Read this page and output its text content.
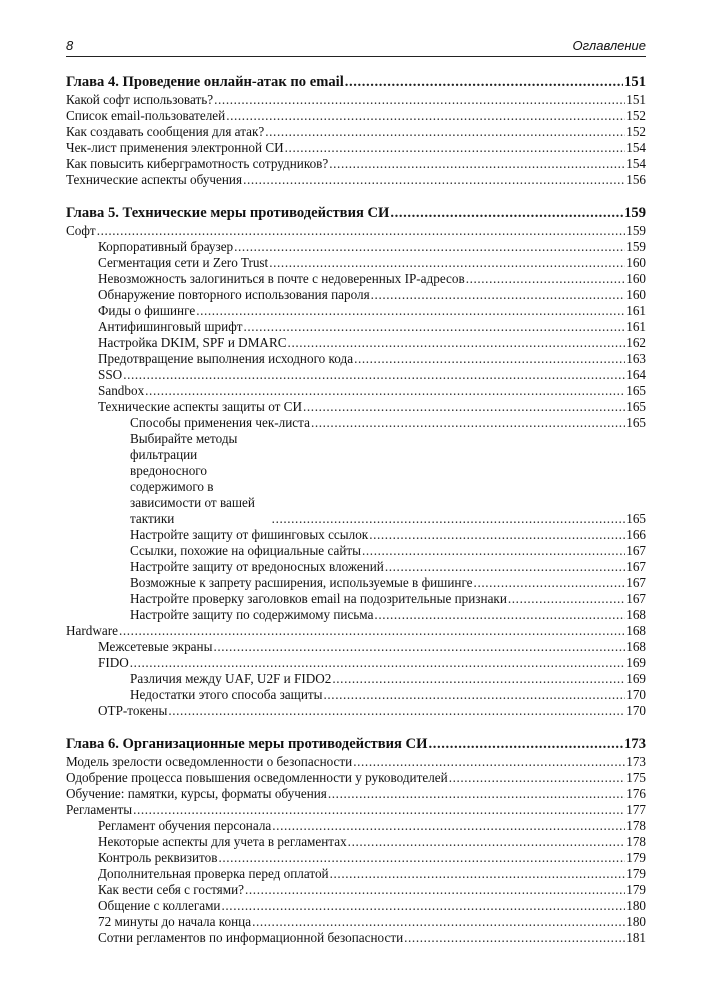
8	Оглавление
Глава 4. Проведение онлайн-атак по email .....	151
Какой софт использовать? .....	151
Список email-пользователей .....	152
Как создавать сообщения для атак? .....	152
Чек-лист применения электронной СИ .....	154
Как повысить киберграмотность сотрудников? .....	154
Технические аспекты обучения .....	156
Глава 5. Технические меры противодействия СИ .....	159
Софт .....	159
Корпоративный браузер .....	159
Сегментация сети и Zero Trust .....	160
Невозможность залогиниться в почте с недоверенных IP-адресов .....	160
Обнаружение повторного использования пароля .....	160
Фиды о фишинге .....	161
Антифишинговый шрифт .....	161
Настройка DKIM, SPF и DMARC .....	162
Предотвращение выполнения исходного кода .....	163
SSO .....	164
Sandbox .....	165
Технические аспекты защиты от СИ .....	165
Способы применения чек-листа .....	165
Выбирайте методы фильтрации вредоносного содержимого в зависимости от вашей тактики .....	165
Настройте защиту от фишинговых ссылок .....	166
Ссылки, похожие на официальные сайты .....	167
Настройте защиту от вредоносных вложений .....	167
Возможные к запрету расширения, используемые в фишинге .....	167
Настройте проверку заголовков email на подозрительные признаки .....	167
Настройте защиту по содержимому письма .....	168
Hardware .....	168
Межсетевые экраны .....	168
FIDO .....	169
Различия между UAF, U2F и FIDO2 .....	169
Недостатки этого способа защиты .....	170
OTP-токены .....	170
Глава 6. Организационные меры противодействия СИ .....	173
Модель зрелости осведомленности о безопасности .....	173
Одобрение процесса повышения осведомленности у руководителей .....	175
Обучение: памятки, курсы, форматы обучения .....	176
Регламенты .....	177
Регламент обучения персонала .....	178
Некоторые аспекты для учета в регламентах .....	178
Контроль реквизитов .....	179
Дополнительная проверка перед оплатой .....	179
Как вести себя с гостями? .....	179
Общение с коллегами .....	180
72 минуты до начала конца .....	180
Сотни регламентов по информационной безопасности .....	181
